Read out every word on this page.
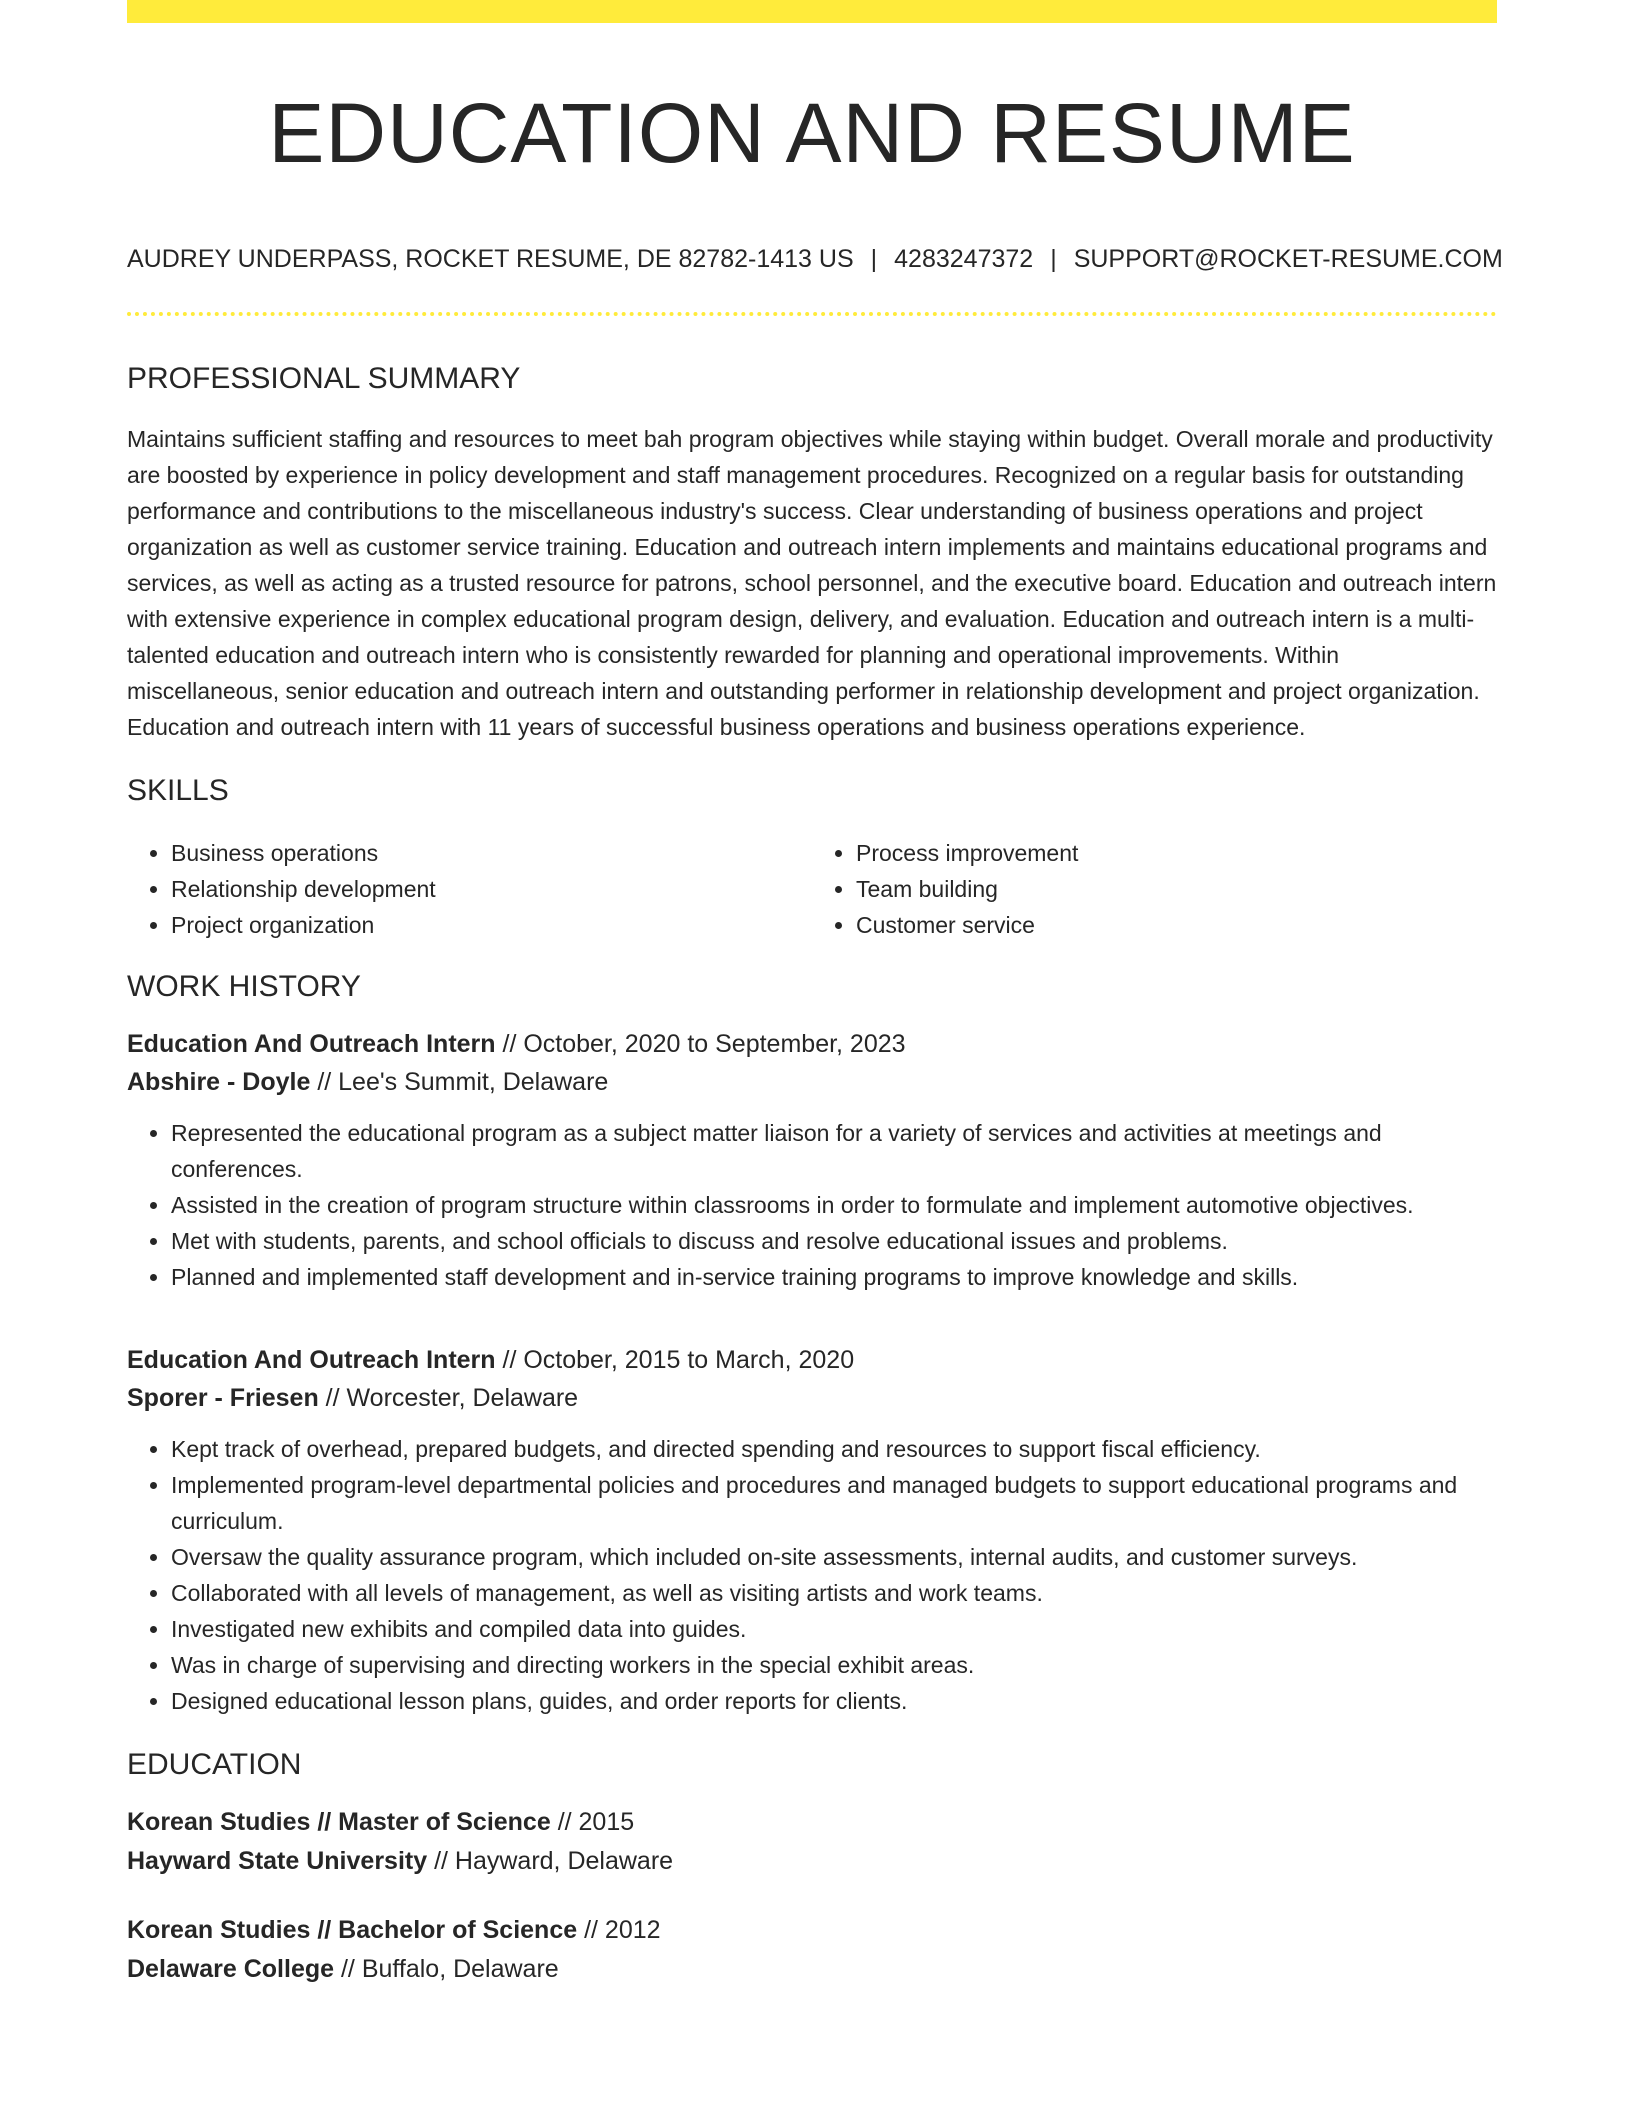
EDUCATION AND RESUME
AUDREY UNDERPASS, ROCKET RESUME, DE 82782-1413 US | 4283247372 | SUPPORT@ROCKET-RESUME.COM
PROFESSIONAL SUMMARY

Maintains sufficient staffing and resources to meet bah program objectives while staying within budget. Overall morale and productivity are boosted by experience in policy development and staff management procedures. Recognized on a regular basis for outstanding performance and contributions to the miscellaneous industry's success. Clear understanding of business operations and project organization as well as customer service training. Education and outreach intern implements and maintains educational programs and services, as well as acting as a trusted resource for patrons, school personnel, and the executive board. Education and outreach intern with extensive experience in complex educational program design, delivery, and evaluation. Education and outreach intern is a multi-talented education and outreach intern who is consistently rewarded for planning and operational improvements. Within miscellaneous, senior education and outreach intern and outstanding performer in relationship development and project organization. Education and outreach intern with 11 years of successful business operations and business operations experience.

SKILLS
• Business operations
• Relationship development
• Project organization
• Process improvement
• Team building
• Customer service
WORK HISTORY
Education And Outreach Intern // October, 2020 to September, 2023
Abshire - Doyle // Lee's Summit, Delaware
• Represented the educational program as a subject matter liaison for a variety of services and activities at meetings and conferences.
• Assisted in the creation of program structure within classrooms in order to formulate and implement automotive objectives.
• Met with students, parents, and school officials to discuss and resolve educational issues and problems.
• Planned and implemented staff development and in-service training programs to improve knowledge and skills.
Education And Outreach Intern // October, 2015 to March, 2020
Sporer - Friesen // Worcester, Delaware
• Kept track of overhead, prepared budgets, and directed spending and resources to support fiscal efficiency.
• Implemented program-level departmental policies and procedures and managed budgets to support educational programs and curriculum.
• Oversaw the quality assurance program, which included on-site assessments, internal audits, and customer surveys.
• Collaborated with all levels of management, as well as visiting artists and work teams.
• Investigated new exhibits and compiled data into guides.
• Was in charge of supervising and directing workers in the special exhibit areas.
• Designed educational lesson plans, guides, and order reports for clients.
EDUCATION
Korean Studies // Master of Science // 2015
Hayward State University // Hayward, Delaware
Korean Studies // Bachelor of Science // 2012
Delaware College // Buffalo, Delaware
